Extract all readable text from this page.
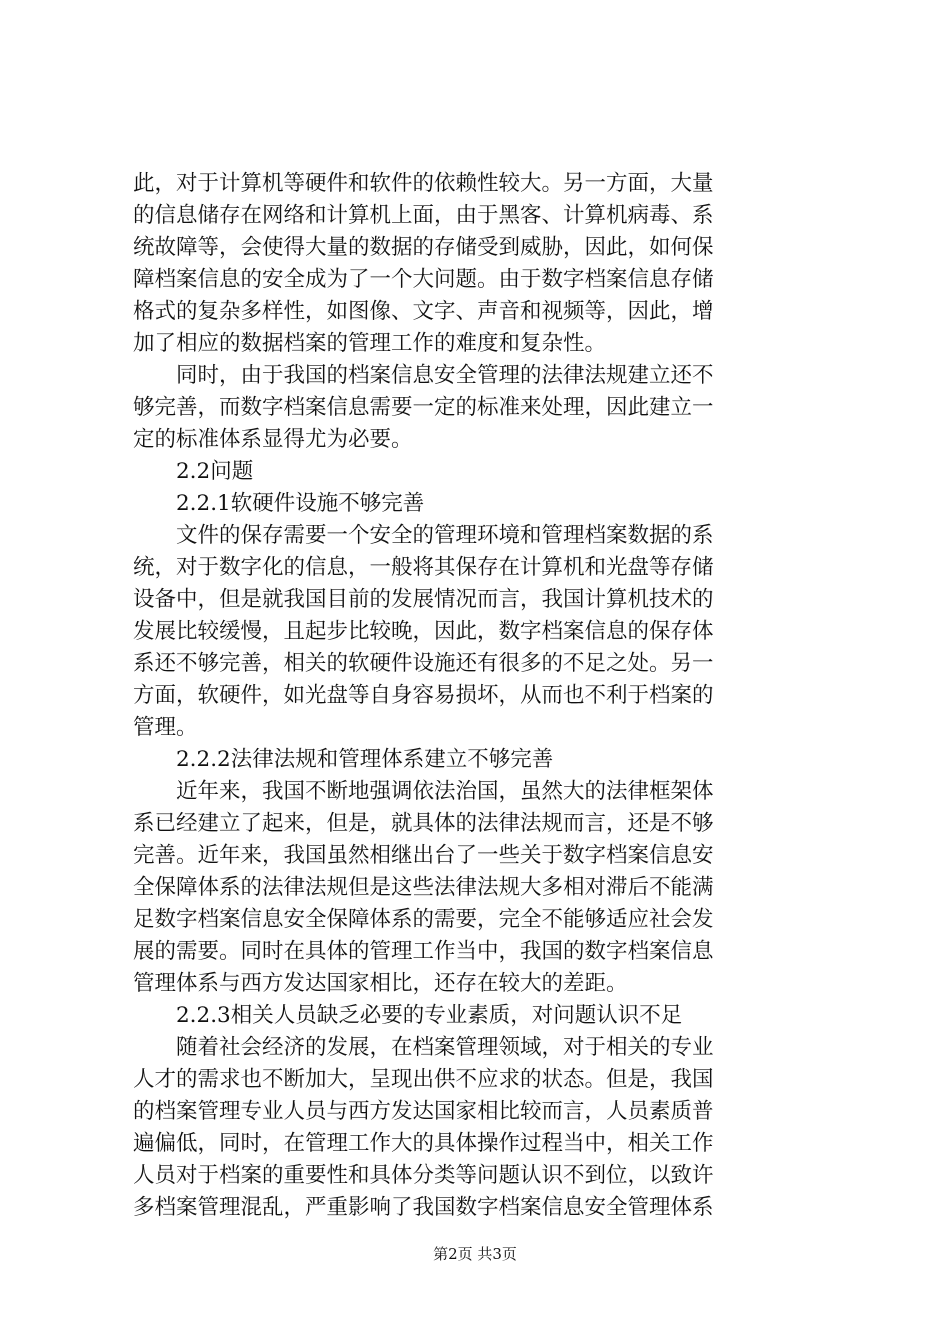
此，对于计算机等硬件和软件的依赖性较大。另一方面，大量
的信息储存在网络和计算机上面，由于黑客、计算机病毒、系
统故障等，会使得大量的数据的存储受到威胁，因此，如何保
障档案信息的安全成为了一个大问题。由于数字档案信息存储
格式的复杂多样性，如图像、文字、声音和视频等，因此，增
加了相应的数据档案的管理工作的难度和复杂性。
　　同时，由于我国的档案信息安全管理的法律法规建立还不
够完善，而数字档案信息需要一定的标准来处理，因此建立一
定的标准体系显得尤为必要。
　　2.2问题
　　2.2.1软硬件设施不够完善
　　文件的保存需要一个安全的管理环境和管理档案数据的系
统，对于数字化的信息，一般将其保存在计算机和光盘等存储
设备中，但是就我国目前的发展情况而言，我国计算机技术的
发展比较缓慢，且起步比较晚，因此，数字档案信息的保存体
系还不够完善，相关的软硬件设施还有很多的不足之处。另一
方面，软硬件，如光盘等自身容易损坏，从而也不利于档案的
管理。
　　2.2.2法律法规和管理体系建立不够完善
　　近年来，我国不断地强调依法治国，虽然大的法律框架体
系已经建立了起来，但是，就具体的法律法规而言，还是不够
完善。近年来，我国虽然相继出台了一些关于数字档案信息安
全保障体系的法律法规但是这些法律法规大多相对滞后不能满
足数字档案信息安全保障体系的需要，完全不能够适应社会发
展的需要。同时在具体的管理工作当中，我国的数字档案信息
管理体系与西方发达国家相比，还存在较大的差距。
　　2.2.3相关人员缺乏必要的专业素质，对问题认识不足
　　随着社会经济的发展，在档案管理领域，对于相关的专业
人才的需求也不断加大，呈现出供不应求的状态。但是，我国
的档案管理专业人员与西方发达国家相比较而言，人员素质普
遍偏低，同时，在管理工作大的具体操作过程当中，相关工作
人员对于档案的重要性和具体分类等问题认识不到位，以致许
多档案管理混乱，严重影响了我国数字档案信息安全管理体系
第2页 共3页
